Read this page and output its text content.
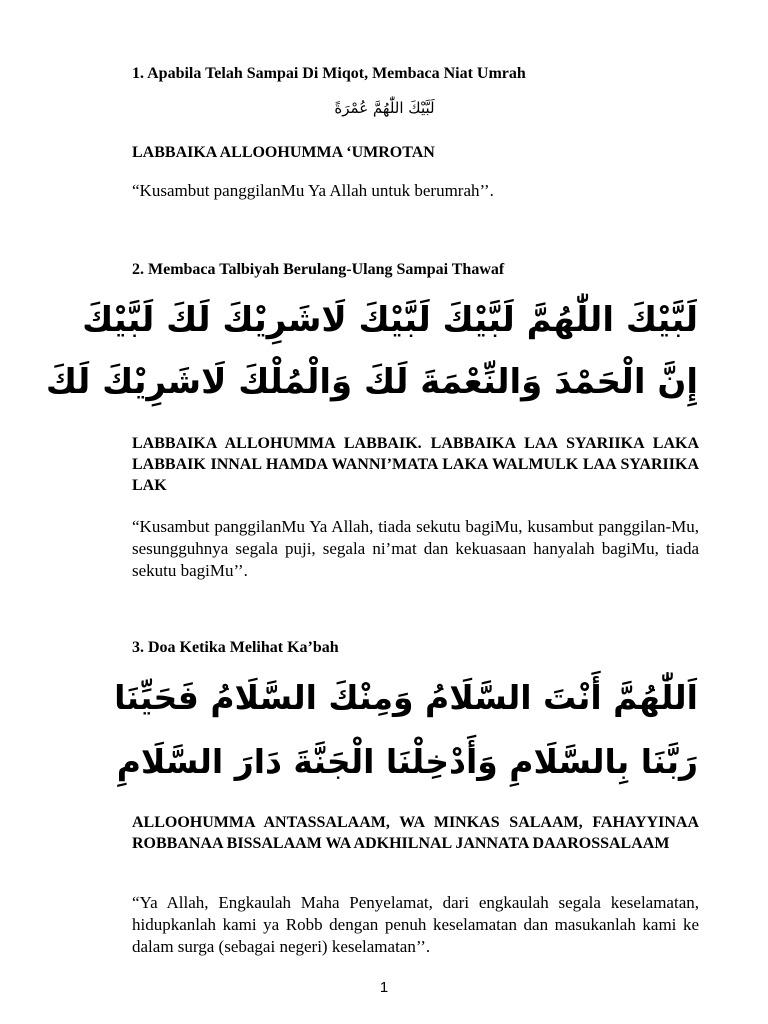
1. Apabila Telah Sampai Di Miqot, Membaca Niat Umrah
لَبَّيْكَ اللّٰهُمَّ عُمْرَةً
LABBAIKA ALLOOHUMMA ‘UMROTAN
“Kusambut panggilanMu Ya Allah untuk berumrah’’.
2. Membaca Talbiyah Berulang-Ulang Sampai Thawaf
لَبَّيْكَ اللّٰهُمَّ لَبَّيْكَ لَبَّيْكَ لَاشَرِيْكَ لَكَ لَبَّيْكَ
إِنَّ الْحَمْدَ وَالنِّعْمَةَ لَكَ وَالْمُلْكَ لَاشَرِيْكَ لَكَ
LABBAIKA ALLOHUMMA LABBAIK. LABBAIKA LAA SYARIIKA LAKA LABBAIK INNAL HAMDA WANNI’MATA LAKA WALMULK LAA SYARIIKA LAK
“Kusambut panggilanMu Ya Allah, tiada sekutu bagiMu, kusambut panggilan-Mu, sesungguhnya segala puji, segala ni’mat dan kekuasaan hanyalah bagiMu, tiada sekutu bagiMu’’.
3. Doa Ketika Melihat Ka’bah
اَللّٰهُمَّ أَنْتَ السَّلَامُ وَمِنْكَ السَّلَامُ فَحَيِّنَا
رَبَّنَا بِالسَّلَامِ وَأَدْخِلْنَا الْجَنَّةَ دَارَ السَّلَامِ
ALLOOHUMMA ANTASSALAAM, WA MINKAS SALAAM, FAHAYYINAA ROBBANAA BISSALAAM WA ADKHILNAL JANNATA DAAROSSALAAM
“Ya Allah, Engkaulah Maha Penyelamat, dari engkaulah segala keselamatan, hidupkanlah kami ya Robb dengan penuh keselamatan dan masukanlah kami ke dalam surga (sebagai negeri) keselamatan’’.
1
